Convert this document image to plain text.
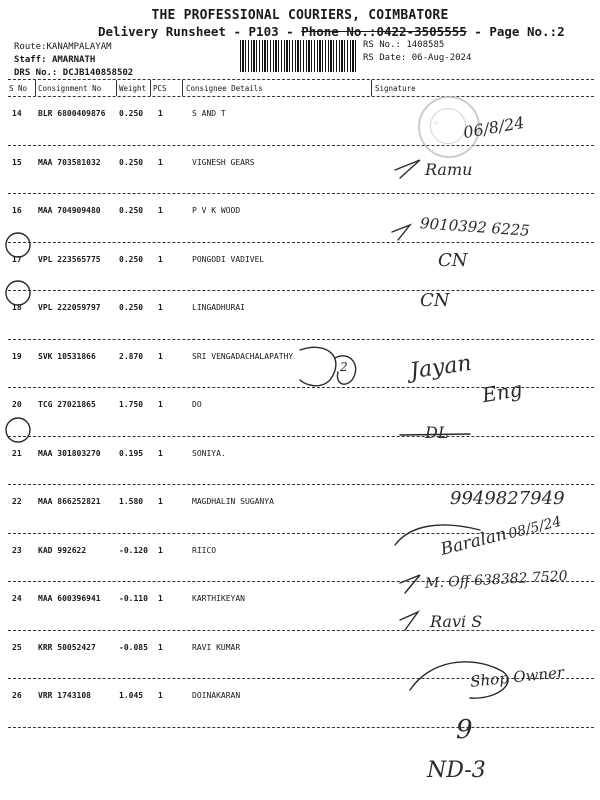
THE PROFESSIONAL COURIERS, COIMBATORE
Delivery Runsheet - P103 - Phone No.:0422-3505555 - Page No.:2
Route:KANAMPALAYAM
Staff: AMARNATH
DRS No.: DCJB140858502
RS No.: 1408585
RS Date: 06-Aug-2024
S No Consignment No Weight PCS	Consignee Details	Signature
14 BLR 6800409876 0.250 1	S AND T
15 MAA 703581032 0.250 1	VIGNESH GEARS
16 MAA 704909480 0.250 1	P V K WOOD
17 VPL 223565775 0.250 1	PONGODI VADIVEL
18 VPL 222059797 0.250 1	LINGADHURAI
19 SVK 10531866	2.870 1	SRI VENGADACHALAPATHY
20 TCG 27021865	1.750 1	DO
21 MAA 301803270 0.195 1	SONIYA.
22 MAA 866252821 1.580 1	MAGDHALIN SUGANYA
23 KAD 992622	-0.120 1	RIICO
24 MAA 600396941 -0.110 1	KARTHIKEYAN
25 KRR 50052427	-0.085 1	RAVI KUMAR
26 VRR 1743108	1.045 1	DOINAKARAN
○ 06/8/24
Ramu
9010392 6225
CN
CN
2	Jayan
Eng
DL
9949827949
Baralan
08/5/24
M. Off 638382 7520
Ravi S
Shop Owner
9
ND-3
